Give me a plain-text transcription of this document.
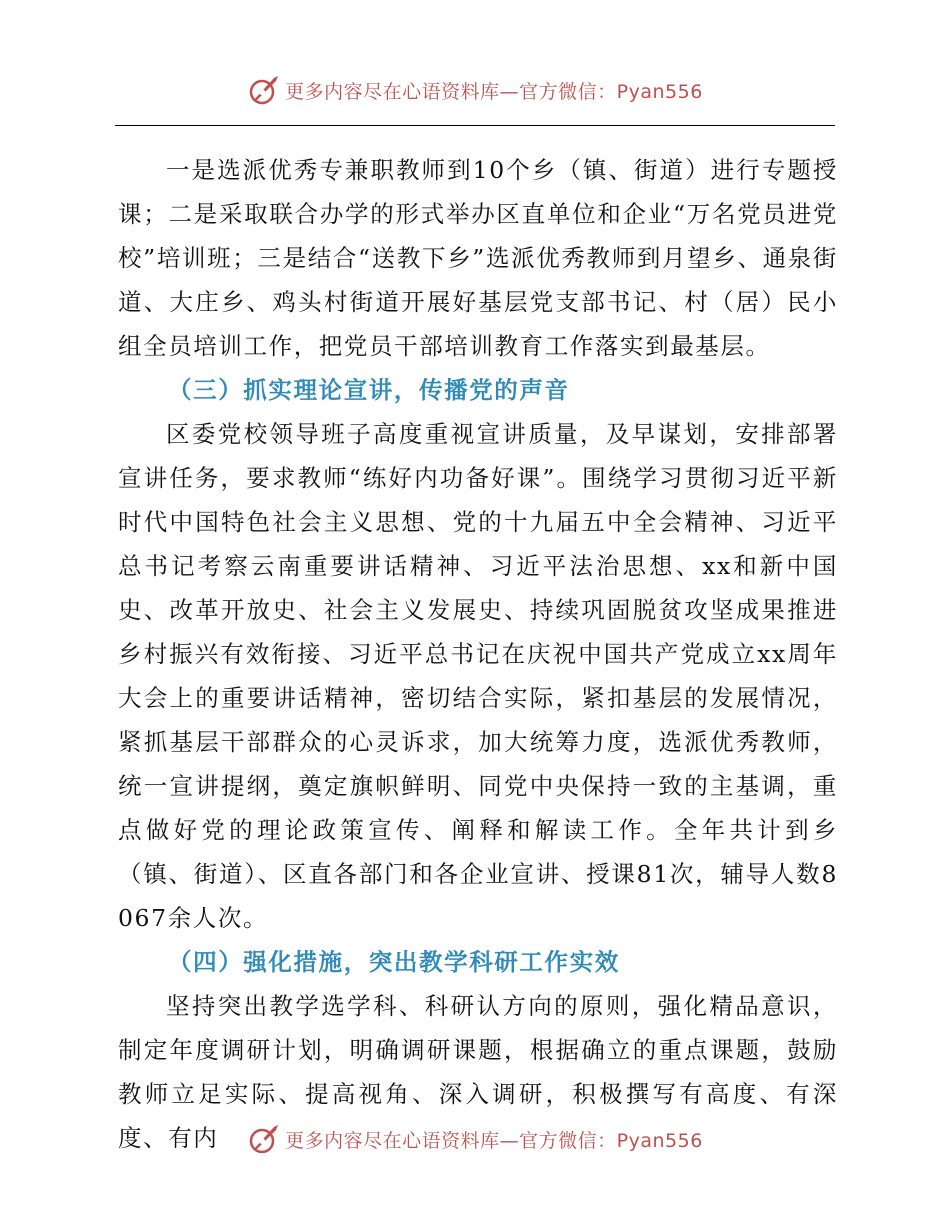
更多内容尽在心语资料库—官方微信：Pyan556

一是选派优秀专兼职教师到10个乡（镇、街道）进行专题授课；二是采取联合办学的形式举办区直单位和企业“万名党员进党校”培训班；三是结合“送教下乡”选派优秀教师到月望乡、通泉街道、大庄乡、鸡头村街道开展好基层党支部书记、村（居）民小组全员培训工作，把党员干部培训教育工作落实到最基层。

（三）抓实理论宣讲，传播党的声音

区委党校领导班子高度重视宣讲质量，及早谋划，安排部署宣讲任务，要求教师“练好内功备好课”。围绕学习贯彻习近平新时代中国特色社会主义思想、党的十九届五中全会精神、习近平总书记考察云南重要讲话精神、习近平法治思想、xx和新中国史、改革开放史、社会主义发展史、持续巩固脱贫攻坚成果推进乡村振兴有效衔接、习近平总书记在庆祝中国共产党成立xx周年大会上的重要讲话精神，密切结合实际，紧扣基层的发展情况，紧抓基层干部群众的心灵诉求，加大统筹力度，选派优秀教师，统一宣讲提纲，奠定旗帜鲜明、同党中央保持一致的主基调，重点做好党的理论政策宣传、阐释和解读工作。全年共计到乡（镇、街道）、区直各部门和各企业宣讲、授课81次，辅导人数8067余人次。

（四）强化措施，突出教学科研工作实效

坚持突出教学选学科、科研认方向的原则，强化精品意识，制定年度调研计划，明确调研课题，根据确立的重点课题，鼓励教师立足实际、提高视角、深入调研，积极撰写有高度、有深度、有内	更多内容尽在心语资料库—官方微信：Pyan556
